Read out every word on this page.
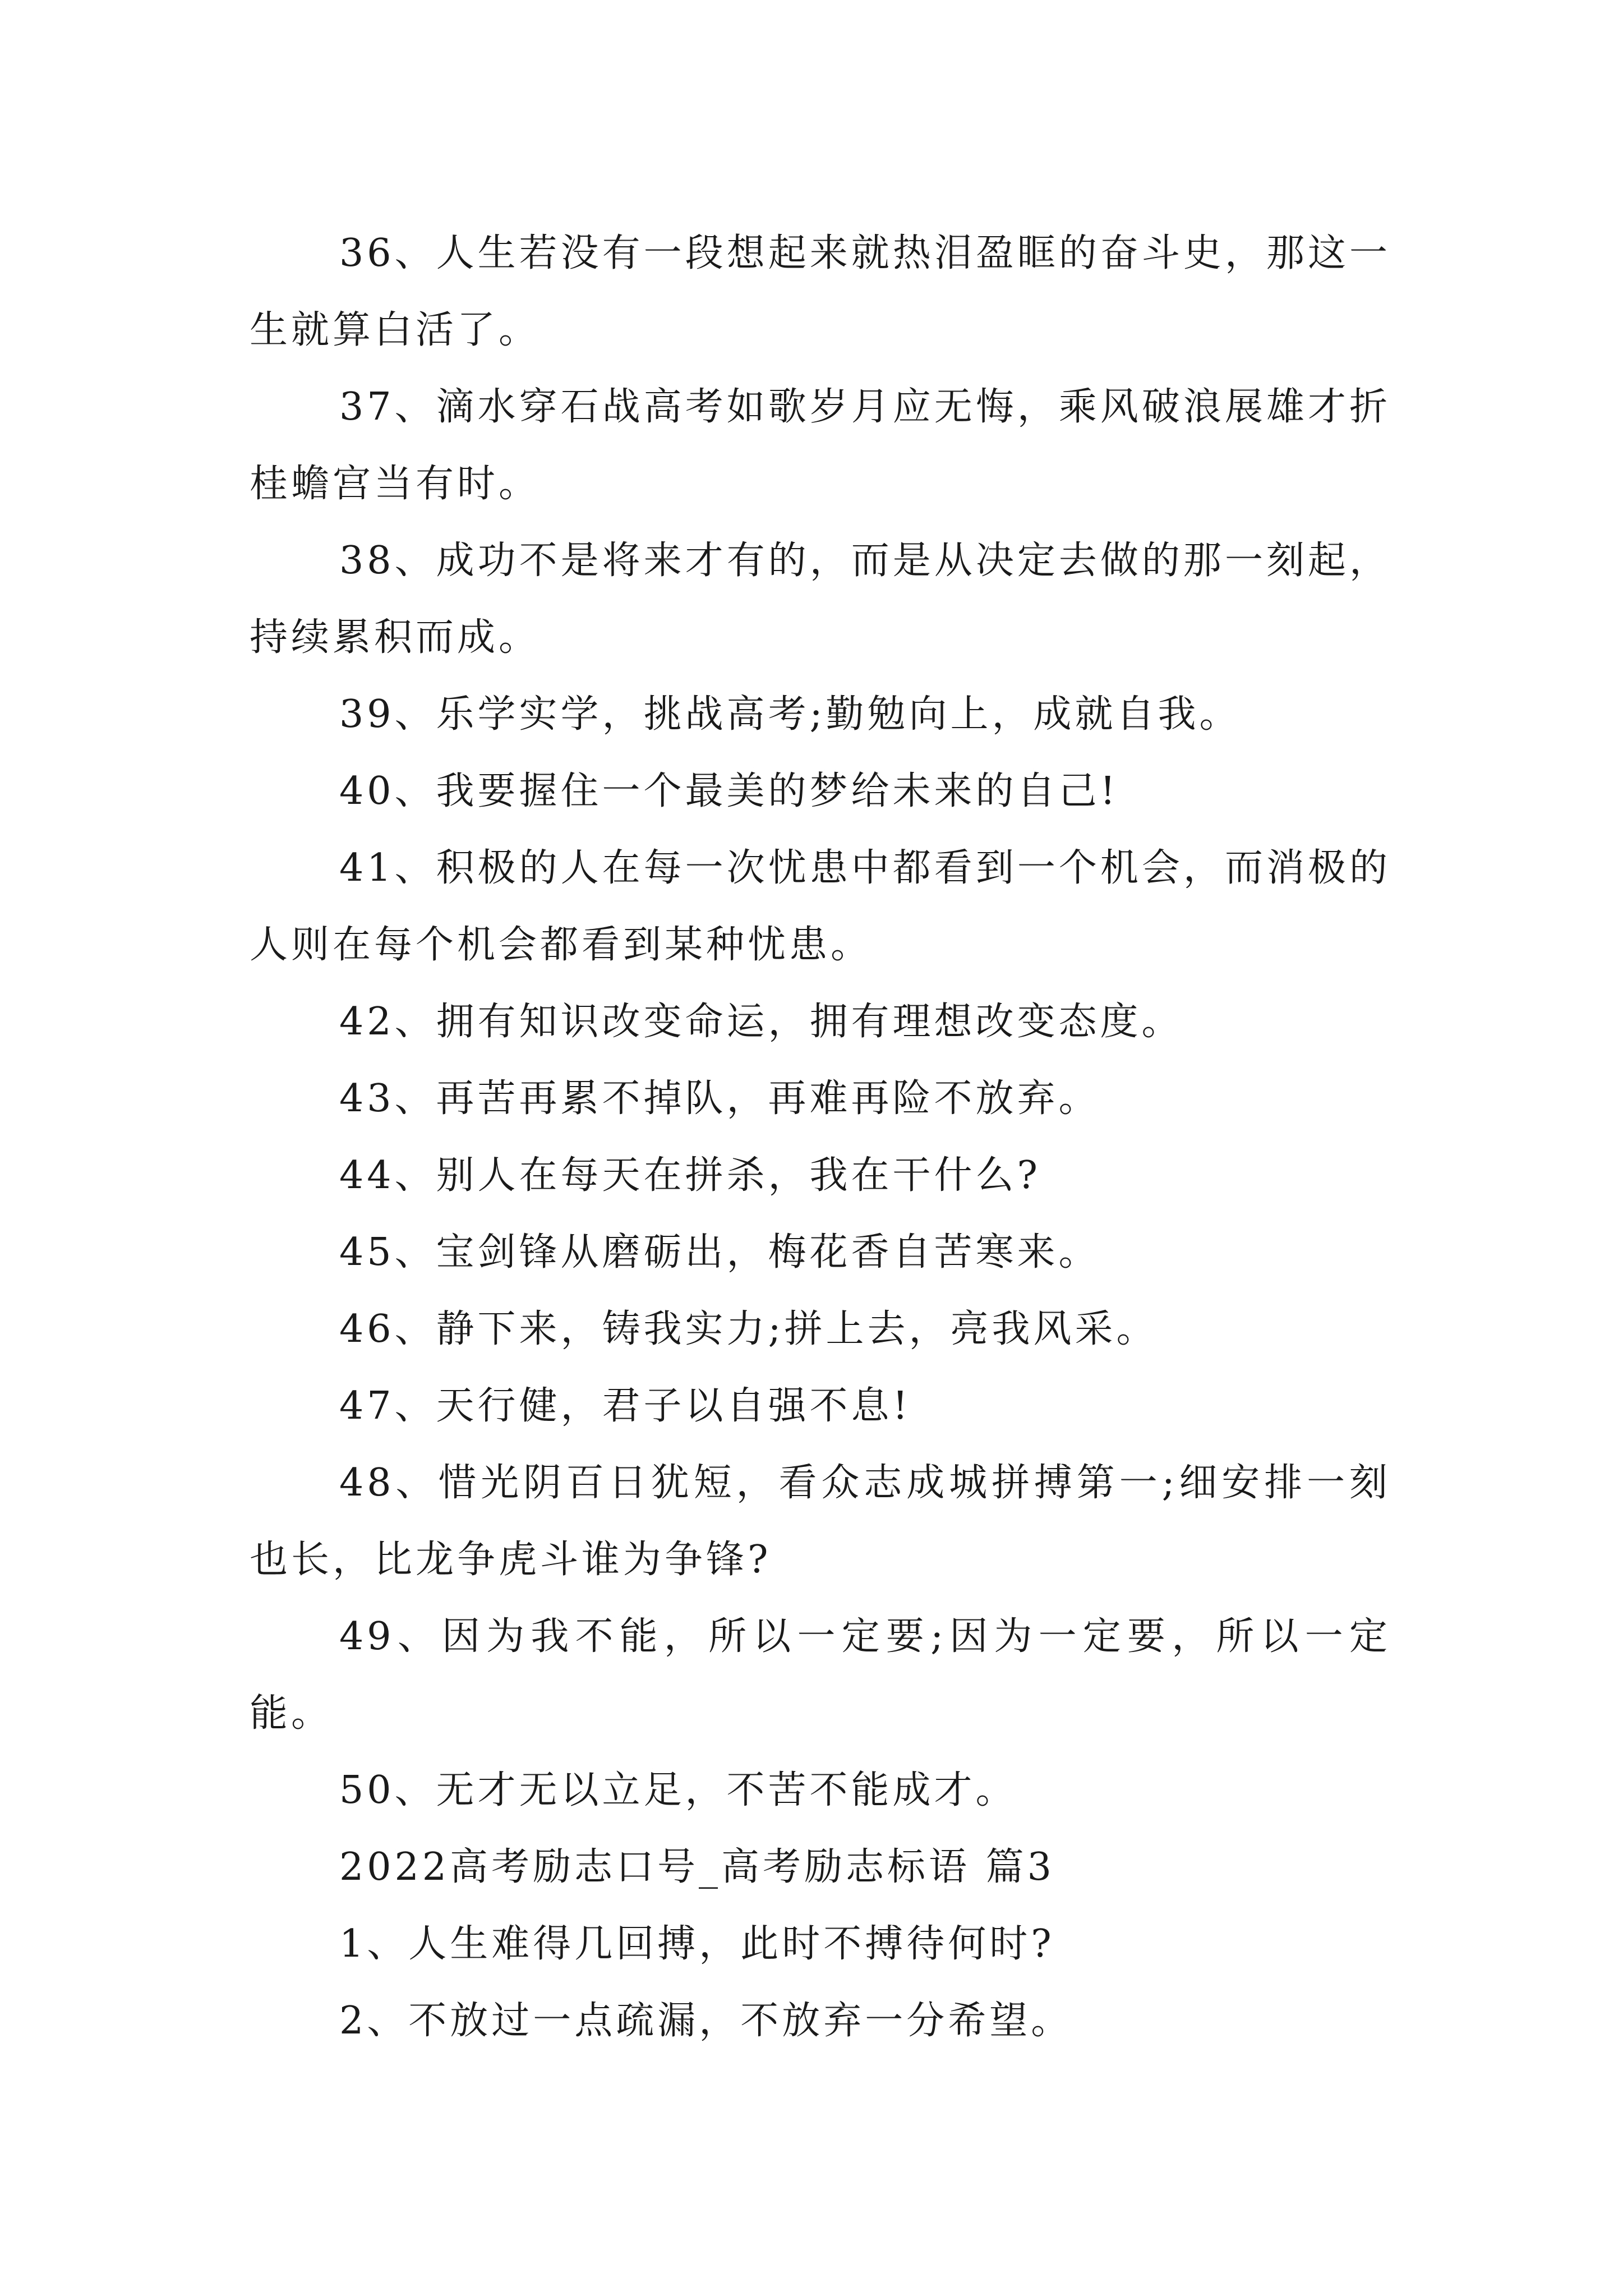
36、人生若没有一段想起来就热泪盈眶的奋斗史，那这一生就算白活了。

37、滴水穿石战高考如歌岁月应无悔，乘风破浪展雄才折桂蟾宫当有时。

38、成功不是将来才有的，而是从决定去做的那一刻起，持续累积而成。

39、乐学实学，挑战高考;勤勉向上，成就自我。

40、我要握住一个最美的梦给未来的自己!

41、积极的人在每一次忧患中都看到一个机会，而消极的人则在每个机会都看到某种忧患。

42、拥有知识改变命运，拥有理想改变态度。

43、再苦再累不掉队，再难再险不放弃。

44、别人在每天在拼杀，我在干什么?

45、宝剑锋从磨砺出，梅花香自苦寒来。

46、静下来，铸我实力;拼上去，亮我风采。

47、天行健，君子以自强不息!

48、惜光阴百日犹短，看众志成城拼搏第一;细安排一刻也长，比龙争虎斗谁为争锋?

49、因为我不能，所以一定要;因为一定要，所以一定能。

50、无才无以立足，不苦不能成才。

2022高考励志口号_高考励志标语 篇3

1、人生难得几回搏，此时不搏待何时?

2、不放过一点疏漏，不放弃一分希望。
